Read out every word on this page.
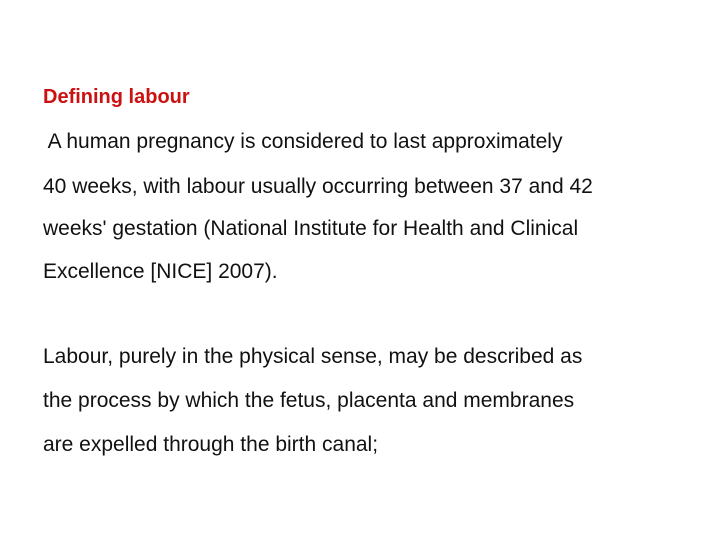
Defining labour
A human pregnancy is considered to last approximately
40 weeks, with labour usually occurring between 37 and 42
weeks' gestation (National Institute for Health and Clinical
Excellence [NICE] 2007).
Labour, purely in the physical sense, may be described as
the process by which the fetus, placenta and membranes
are expelled through the birth canal;
